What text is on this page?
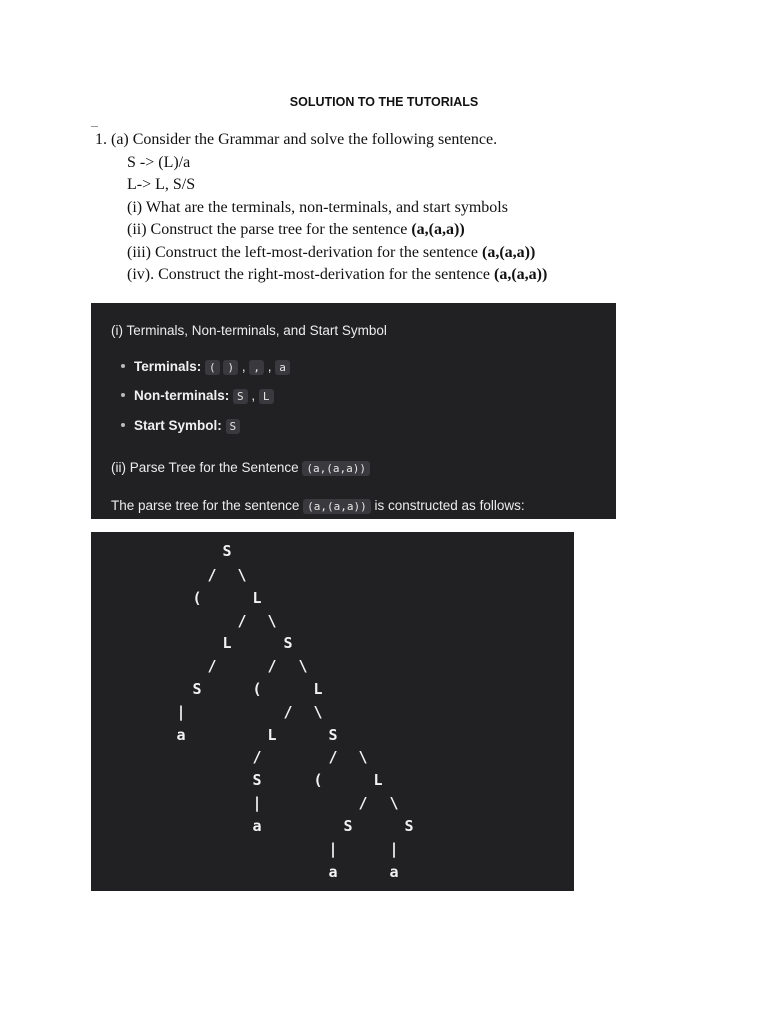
SOLUTION TO THE TUTORIALS
1. (a) Consider the Grammar and solve the following sentence.
S -> (L)/a
L-> L, S/S
(i) What are the terminals, non-terminals, and start symbols
(ii) Construct the parse tree for the sentence (a,(a,a))
(iii) Construct the left-most-derivation for the sentence (a,(a,a))
(iv). Construct the right-most-derivation for the sentence (a,(a,a))
(i) Terminals, Non-terminals, and Start Symbol
Terminals: ( ) , , , a
Non-terminals: S , L
Start Symbol: S
(ii) Parse Tree for the Sentence (a,(a,a))
The parse tree for the sentence (a,(a,a)) is constructed as follows:
S
(	L
L	S
S	(	L
a	L	S
S	(	L
a	S	S
a	a
/ \
/ \
/	/ \
|	/ \
/	/ \
|	/ \
|	|
